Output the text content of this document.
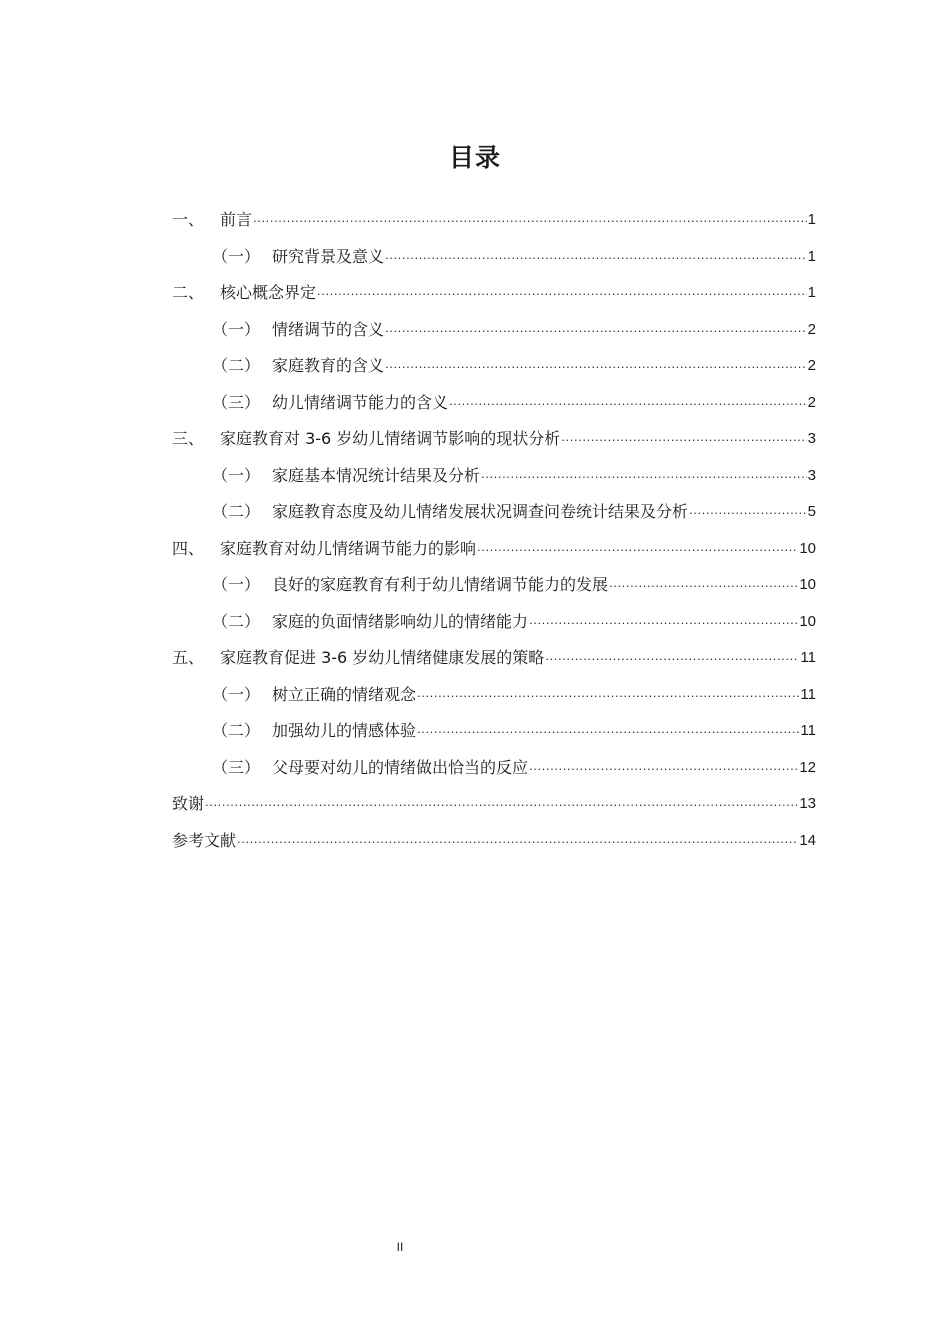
目录
一、 前言 .....	1
（一） 研究背景及意义 .....	1
二、 核心概念界定 .....	1
（一） 情绪调节的含义 .....	2
（二） 家庭教育的含义 .....	2
（三） 幼儿情绪调节能力的含义 .....	2
三、 家庭教育对 3-6 岁幼儿情绪调节影响的现状分析 .....	3
（一） 家庭基本情况统计结果及分析 .....	3
（二） 家庭教育态度及幼儿情绪发展状况调查问卷统计结果及分析 .....	5
四、 家庭教育对幼儿情绪调节能力的影响 .....	10
（一） 良好的家庭教育有利于幼儿情绪调节能力的发展 .....	10
（二） 家庭的负面情绪影响幼儿的情绪能力 .....	10
五、 家庭教育促进 3-6 岁幼儿情绪健康发展的策略 .....	11
（一） 树立正确的情绪观念 .....	11
（二） 加强幼儿的情感体验 .....	11
（三） 父母要对幼儿的情绪做出恰当的反应 .....	12
致谢 .....	13
参考文献 .....	14
II
